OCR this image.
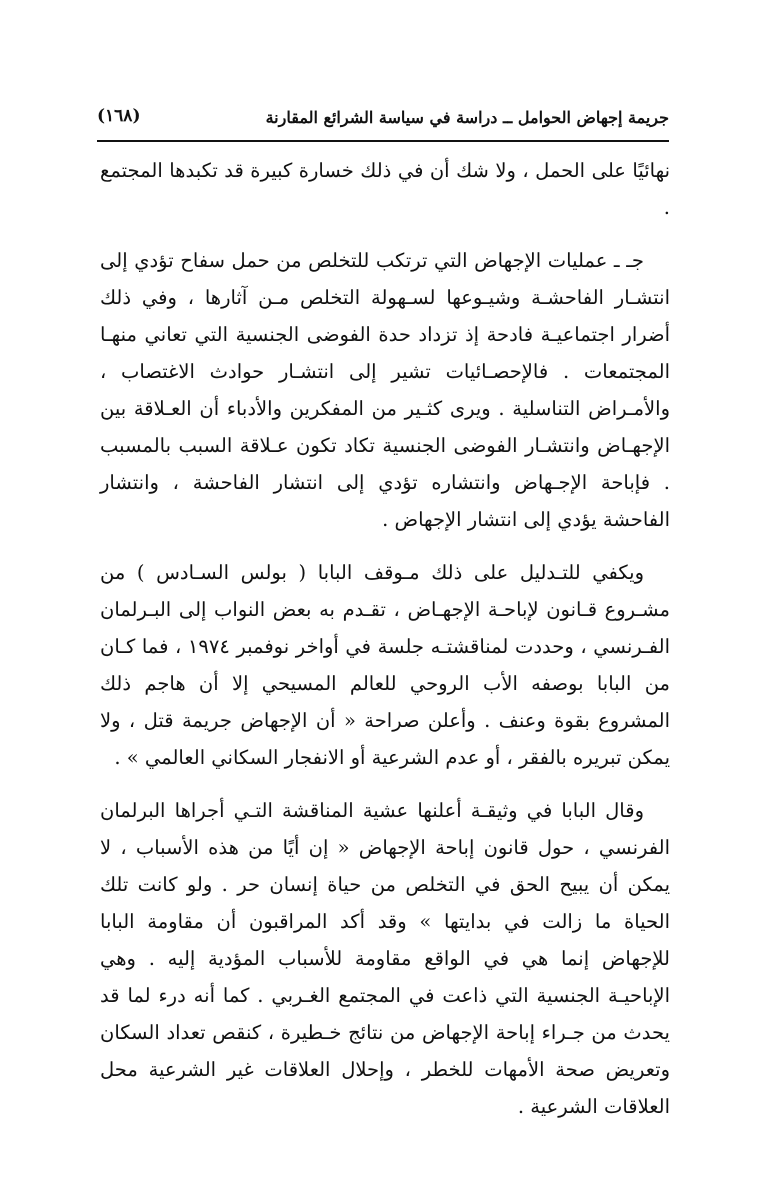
جريمة إجهاض الحوامل ــ دراسة في سياسة الشرائع المقارنة
(١٦٨)

نهائيًا على الحمل ، ولا شك أن في ذلك خسارة كبيرة قد تكبدها المجتمع .

جـ ـ عمليات الإجهاض التي ترتكب للتخلص من حمل سفاح تؤدي إلى انتشـار الفاحشـة وشيـوعها لسـهولة التخلص مـن آثارها ، وفي ذلك أضرار اجتماعيـة فادحة إذ تزداد حدة الفوضى الجنسية التي تعاني منهـا المجتمعات . فالإحصـائيات تشير إلى انتشـار حوادث الاغتصاب ، والأمـراض التناسلية . ويرى كثـير من المفكرين والأدباء أن العـلاقة بين الإجهـاض وانتشـار الفوضى الجنسية تكاد تكون عـلاقة السبب بالمسبب . فإباحة الإجـهاض وانتشاره تؤدي إلى انتشار الفاحشة ، وانتشار الفاحشة يؤدي إلى انتشار الإجهاض .

ويكفي للتـدليل على ذلك مـوقف البابا ( بولس السـادس ) من مشـروع قـانون لإباحـة الإجهـاض ، تقـدم به بعض النواب إلى البـرلمان الفـرنسي ، وحددت لمناقشتـه جلسة في أواخر نوفمبر ١٩٧٤ ، فما كـان من البابا بوصفه الأب الروحي للعالم المسيحي إلا أن هاجم ذلك المشروع بقوة وعنف . وأعلن صراحة « أن الإجهاض جريمة قتل ، ولا يمكن تبريره بالفقر ، أو عدم الشرعية أو الانفجار السكاني العالمي » .

وقال البابا في وثيقـة أعلنها عشية المناقشة التـي أجراها البرلمان الفرنسي ، حول قانون إباحة الإجهاض « إن أيًا من هذه الأسباب ، لا يمكن أن يبيح الحق في التخلص من حياة إنسان حر . ولو كانت تلك الحياة ما زالت في بدايتها » وقد أكد المراقبون أن مقاومة البابا للإجهاض إنما هي في الواقع مقاومة للأسباب المؤدية إليه . وهي الإباحيـة الجنسية التي ذاعت في المجتمع الغـربي . كما أنه درء لما قد يحدث من جـراء إباحة الإجهاض من نتائج خـطيرة ، كنقص تعداد السكان وتعريض صحة الأمهات للخطر ، وإحلال العلاقات غير الشرعية محل العلاقات الشرعية .
